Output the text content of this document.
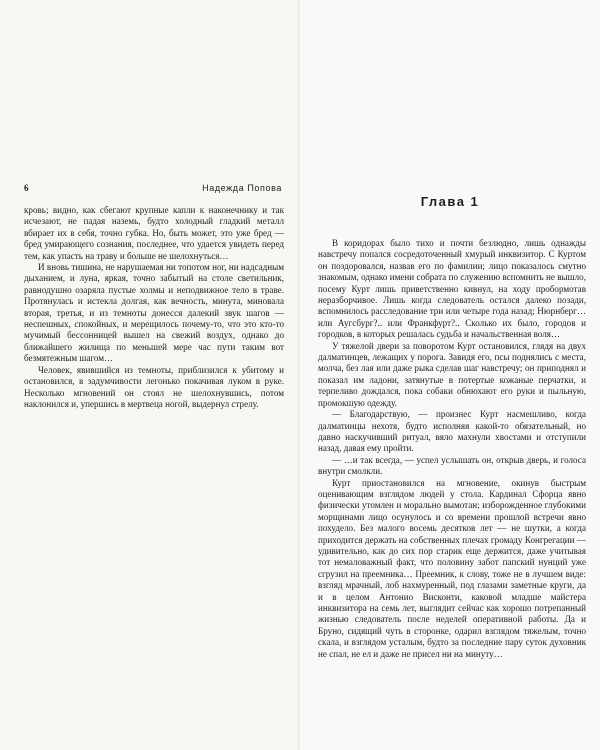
6	Надежда Попова

кровь; видно, как сбегают крупные капли к наконечнику и так исчезают, не падая наземь, будто холодный гладкий металл вбирает их в себя, точно губка. Но, быть может, это уже бред — бред умирающего сознания, последнее, что удается увидеть перед тем, как упасть на траву и больше не шелохнуться…

И вновь тишина, не нарушаемая ни топотом ног, ни надсадным дыханием, и луна, яркая, точно забытый на столе светильник, равнодушно озаряла пустые холмы и неподвижное тело в траве. Протянулась и истекла долгая, как вечность, минута, миновала вторая, третья, и из темноты донесся далекий звук шагов — неспешных, спокойных, и мерещилось почему-то, что это кто-то мучимый бессонницей вышел на свежий воздух, однако до ближайшего жилища по меньшей мере час пути таким вот безмятежным шагом…

Человек, явившийся из темноты, приблизился к убитому и остановился, в задумчивости легонько покачивая луком в руке. Несколько мгновений он стоял не шелохнувшись, потом наклонился и, упершись в мертвеца ногой, выдернул стрелу.

Глава 1

В коридорах было тихо и почти безлюдно, лишь однажды навстречу попался сосредоточенный хмурый инквизитор. С Куртом он поздоровался, назвав его по фамилии; лицо показалось смутно знакомым, однако имени собрата по служению вспомнить не вышло, посему Курт лишь приветственно кивнул, на ходу пробормотав неразборчивое. Лишь когда следователь остался далеко позади, вспомнилось расследование три или четыре года назад; Нюрнберг… или Аугсбург?.. или Франкфурт?.. Сколько их было, городов и городков, в которых решалась судьба и начальственная воля…

У тяжелой двери за поворотом Курт остановился, глядя на двух далматинцев, лежащих у порога. Завидя его, псы поднялись с места, молча, без лая или даже рыка сделав шаг навстречу; он приподнял и показал им ладони, затянутые в потертые кожаные перчатки, и терпеливо дождался, пока собаки обнюхают его руки и пыльную, промокшую одежду.

— Благодарствую, — произнес Курт насмешливо, когда далматинцы нехотя, будто исполняя какой-то обязательный, но давно наскучивший ритуал, вяло махнули хвостами и отступили назад, давая ему пройти.

— …и так всегда, — успел услышать он, открыв дверь, и голоса внутри смолкли.

Курт приостановился на мгновение, окинув быстрым оценивающим взглядом людей у стола. Кардинал Сфорца явно физически утомлен и морально вымотан; изборожденное глубокими морщинами лицо осунулось и со времени прошлой встречи явно похудело. Без малого восемь десятков лет — не шутки, а когда приходится держать на собственных плечах громаду Конгрегации — удивительно, как до сих пор старик еще держится, даже учитывая тот немаловажный факт, что половину забот папский нунций уже сгрузил на преемника… Преемник, к слову, тоже не в лучшем виде: взгляд мрачный, лоб нахмуренный, под глазами заметные круги, да и в целом Антонио Висконти, каковой младше майстера инквизитора на семь лет, выглядит сейчас как хорошо потрепанный жизнью следователь после неделей оперативной работы. Да и Бруно, сидящий чуть в сторонке, одарил взглядом тяжелым, точно скала, и взглядом усталым, будто за последние пару суток духовник не спал, не ел и даже не присел ни на минуту…
